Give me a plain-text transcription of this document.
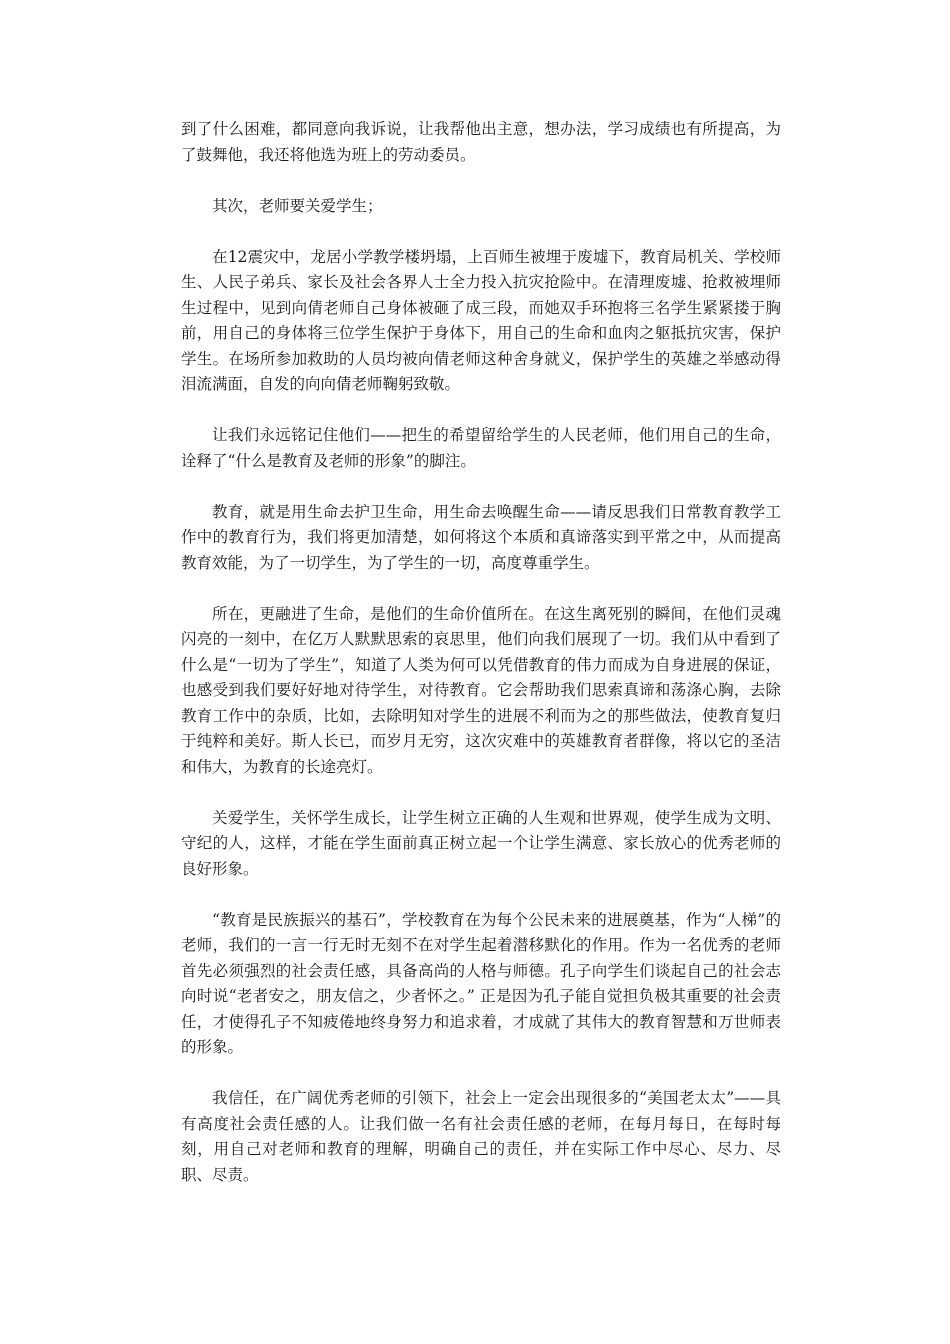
到了什么困难，都同意向我诉说，让我帮他出主意，想办法，学习成绩也有所提高，为了鼓舞他，我还将他选为班上的劳动委员。

其次，老师要关爱学生；

在12震灾中，龙居小学教学楼坍塌，上百师生被埋于废墟下，教育局机关、学校师生、人民子弟兵、家长及社会各界人士全力投入抗灾抢险中。在清理废墟、抢救被埋师生过程中，见到向倩老师自己身体被砸了成三段，而她双手环抱将三名学生紧紧搂于胸前，用自己的身体将三位学生保护于身体下，用自己的生命和血肉之躯抵抗灾害，保护学生。在场所参加救助的人员均被向倩老师这种舍身就义，保护学生的英雄之举感动得泪流满面，自发的向向倩老师鞠躬致敬。

让我们永远铭记住他们——把生的希望留给学生的人民老师，他们用自己的生命，诠释了“什么是教育及老师的形象”的脚注。

教育，就是用生命去护卫生命，用生命去唤醒生命——请反思我们日常教育教学工作中的教育行为，我们将更加清楚，如何将这个本质和真谛落实到平常之中，从而提高教育效能，为了一切学生，为了学生的一切，高度尊重学生。

所在，更融进了生命，是他们的生命价值所在。在这生离死别的瞬间，在他们灵魂闪亮的一刻中，在亿万人默默思索的哀思里，他们向我们展现了一切。我们从中看到了什么是“一切为了学生”，知道了人类为何可以凭借教育的伟力而成为自身进展的保证，也感受到我们要好好地对待学生，对待教育。它会帮助我们思索真谛和荡涤心胸，去除教育工作中的杂质，比如，去除明知对学生的进展不利而为之的那些做法，使教育复归于纯粹和美好。斯人长已，而岁月无穷，这次灾难中的英雄教育者群像，将以它的圣洁和伟大，为教育的长途亮灯。

关爱学生，关怀学生成长，让学生树立正确的人生观和世界观，使学生成为文明、守纪的人，这样，才能在学生面前真正树立起一个让学生满意、家长放心的优秀老师的良好形象。

“教育是民族振兴的基石”，学校教育在为每个公民未来的进展奠基，作为“人梯”的老师，我们的一言一行无时无刻不在对学生起着潜移默化的作用。作为一名优秀的老师首先必须强烈的社会责任感，具备高尚的人格与师德。孔子向学生们谈起自己的社会志向时说“老者安之，朋友信之，少者怀之。” 正是因为孔子能自觉担负极其重要的社会责任，才使得孔子不知疲倦地终身努力和追求着，才成就了其伟大的教育智慧和万世师表的形象。

我信任，在广阔优秀老师的引领下，社会上一定会出现很多的“美国老太太”——具有高度社会责任感的人。让我们做一名有社会责任感的老师，在每月每日，在每时每刻，用自己对老师和教育的理解，明确自己的责任，并在实际工作中尽心、尽力、尽职、尽责。
